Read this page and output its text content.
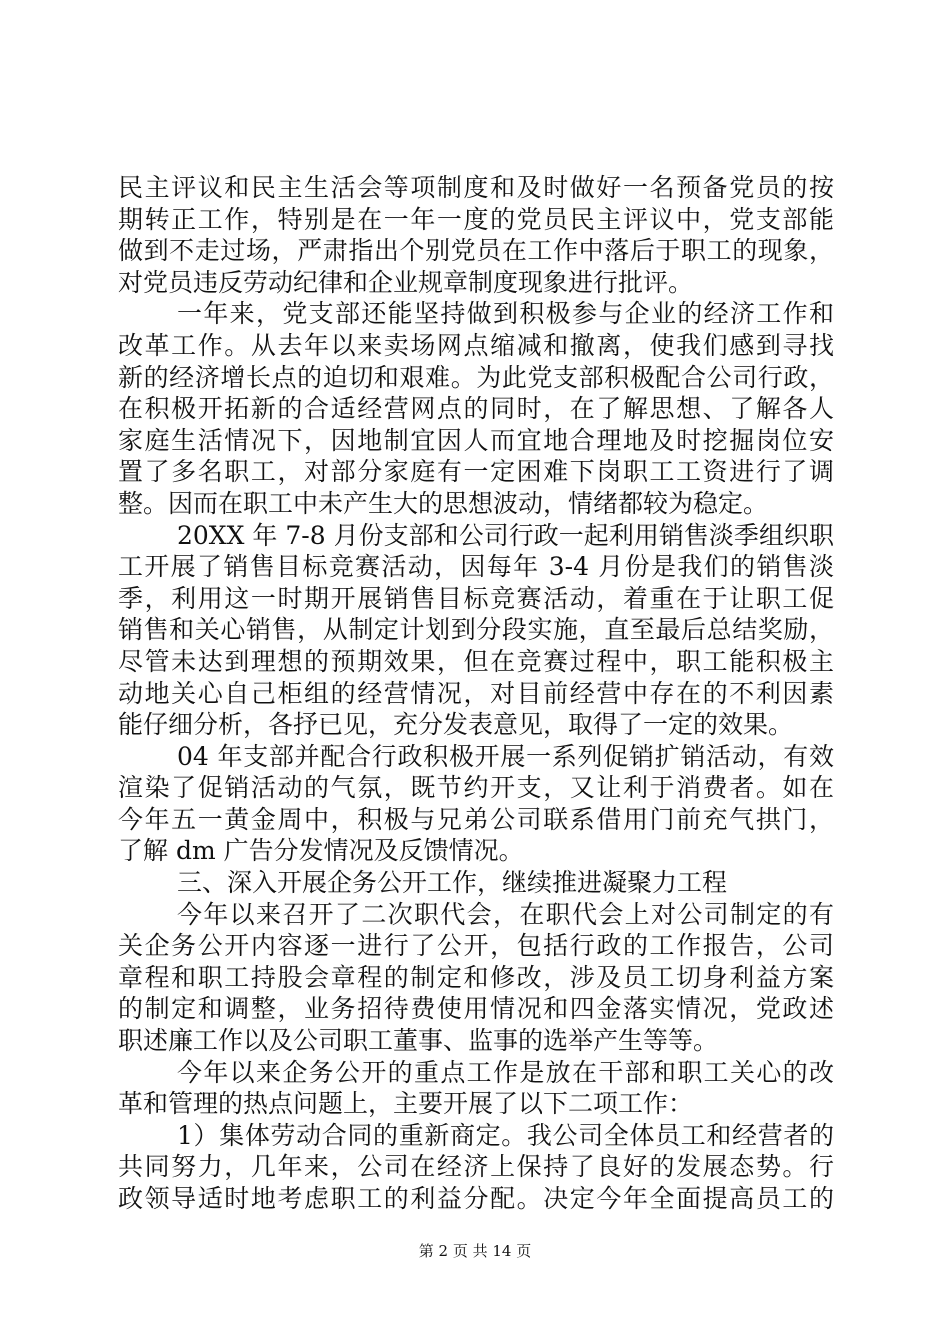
民主评议和民主生活会等项制度和及时做好一名预备党员的按
期转正工作，特别是在一年一度的党员民主评议中，党支部能
做到不走过场，严肃指出个别党员在工作中落后于职工的现象，
对党员违反劳动纪律和企业规章制度现象进行批评。
一年来，党支部还能坚持做到积极参与企业的经济工作和
改革工作。从去年以来卖场网点缩减和撤离，使我们感到寻找
新的经济增长点的迫切和艰难。为此党支部积极配合公司行政，
在积极开拓新的合适经营网点的同时，在了解思想、了解各人
家庭生活情况下，因地制宜因人而宜地合理地及时挖掘岗位安
置了多名职工，对部分家庭有一定困难下岗职工工资进行了调
整。因而在职工中未产生大的思想波动，情绪都较为稳定。
20XX 年 7-8 月份支部和公司行政一起利用销售淡季组织职
工开展了销售目标竞赛活动，因每年 3-4 月份是我们的销售淡
季，利用这一时期开展销售目标竞赛活动，着重在于让职工促
销售和关心销售，从制定计划到分段实施，直至最后总结奖励，
尽管未达到理想的预期效果，但在竞赛过程中，职工能积极主
动地关心自己柜组的经营情况，对目前经营中存在的不利因素
能仔细分析，各抒已见，充分发表意见，取得了一定的效果。
04 年支部并配合行政积极开展一系列促销扩销活动，有效
渲染了促销活动的气氛，既节约开支，又让利于消费者。如在
今年五一黄金周中，积极与兄弟公司联系借用门前充气拱门，
了解 dm 广告分发情况及反馈情况。
三、深入开展企务公开工作，继续推进凝聚力工程
今年以来召开了二次职代会，在职代会上对公司制定的有
关企务公开内容逐一进行了公开，包括行政的工作报告，公司
章程和职工持股会章程的制定和修改，涉及员工切身利益方案
的制定和调整，业务招待费使用情况和四金落实情况，党政述
职述廉工作以及公司职工董事、监事的选举产生等等。
今年以来企务公开的重点工作是放在干部和职工关心的改
革和管理的热点问题上，主要开展了以下二项工作：
1）集体劳动合同的重新商定。我公司全体员工和经营者的
共同努力，几年来，公司在经济上保持了良好的发展态势。行
政领导适时地考虑职工的利益分配。决定今年全面提高员工的
第 2 页 共 14 页
